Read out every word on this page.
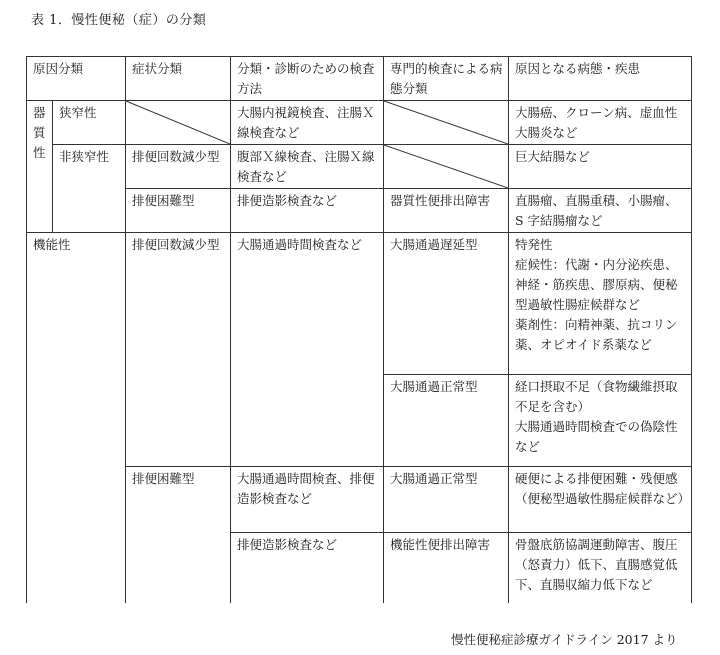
表 1．慢性便秘（症）の分類
原因分類		症状分類	分類・診断のための検査方法	専門的検査による病態分類	原因となる病態・疾患

器
質
性	狭窄性		大腸内視鏡検査、注腸Ｘ線検査など		大腸癌、クローン病、虚血性大腸炎など
	非狭窄性	排便回数減少型	腹部Ｘ線検査、注腸Ｘ線検査など		巨大結腸など
		排便困難型	排便造影検査など	器質性便排出障害	直腸瘤、直腸重積、小腸瘤、S 字結腸瘤など
機能性		排便回数減少型	大腸通過時間検査など	大腸通過遅延型	特発性
症候性：代謝・内分泌疾患、神経・筋疾患、膠原病、便秘型過敏性腸症候群など
薬剤性：向精神薬、抗コリン薬、オピオイド系薬など

				大腸通過正常型	経口摂取不足（食物繊維摂取不足を含む）
大腸通過時間検査での偽陰性など

		排便困難型	大腸通過時間検査、排便造影検査など	大腸通過正常型	硬便による排便困難・残便感（便秘型過敏性腸症候群など）
			排便造影検査など	機能性便排出障害	骨盤底筋協調運動障害、腹圧（怒責力）低下、直腸感覚低下、直腸収縮力低下など
慢性便秘症診療ガイドライン 2017 より
